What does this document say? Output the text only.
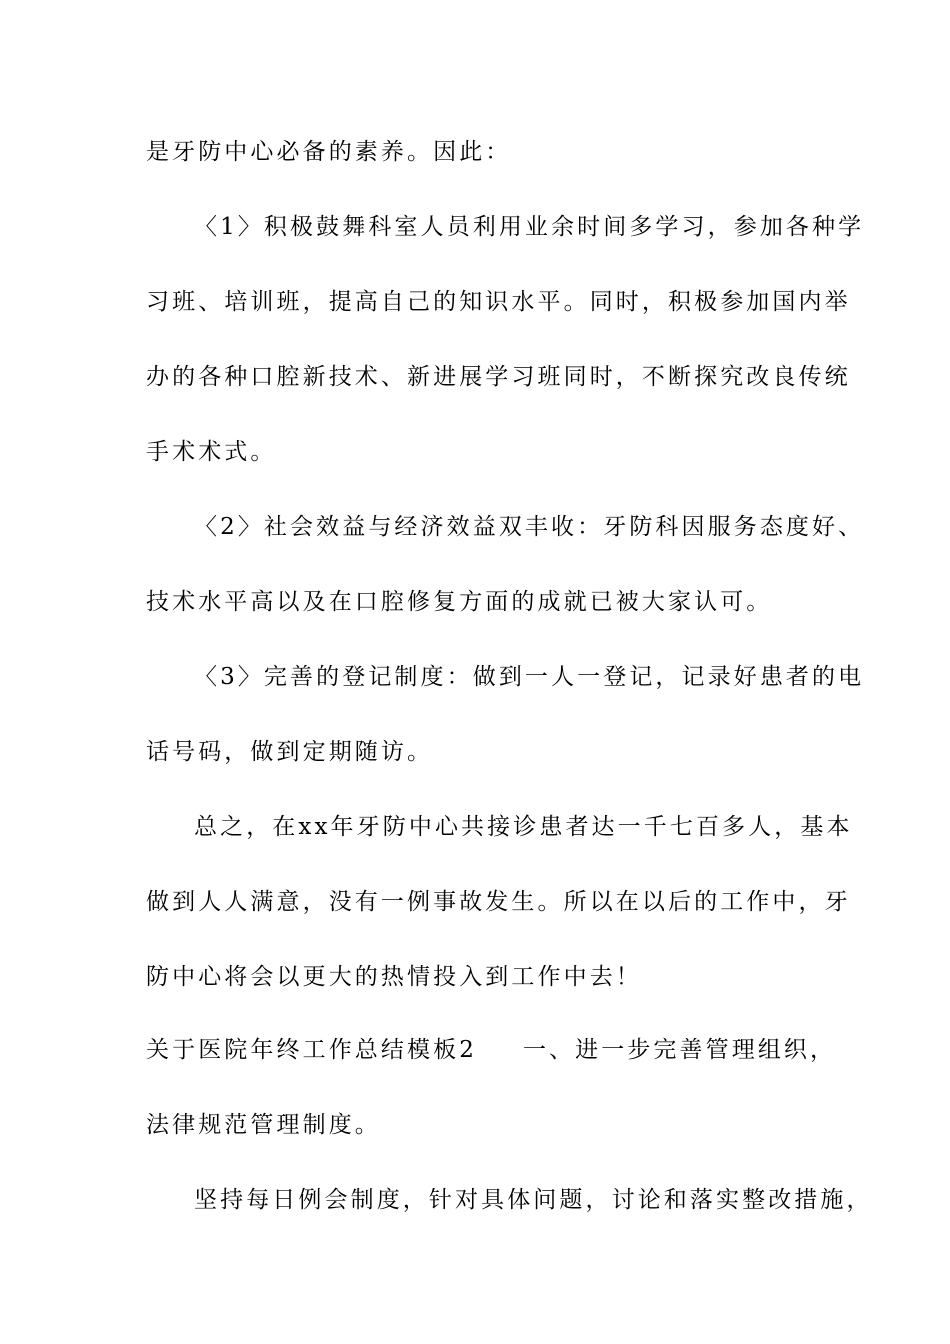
是牙防中心必备的素养。因此：
〈1〉积极鼓舞科室人员利用业余时间多学习，参加各种学
习班、培训班，提高自己的知识水平。同时，积极参加国内举
办的各种口腔新技术、新进展学习班同时，不断探究改良传统
手术术式。
〈2〉社会效益与经济效益双丰收：牙防科因服务态度好、
技术水平高以及在口腔修复方面的成就已被大家认可。
〈3〉完善的登记制度：做到一人一登记，记录好患者的电
话号码，做到定期随访。
总之，在xx年牙防中心共接诊患者达一千七百多人，基本
做到人人满意，没有一例事故发生。所以在以后的工作中，牙
防中心将会以更大的热情投入到工作中去！
关于医院年终工作总结模板2 一、进一步完善管理组织，
法律规范管理制度。
坚持每日例会制度，针对具体问题，讨论和落实整改措施，
